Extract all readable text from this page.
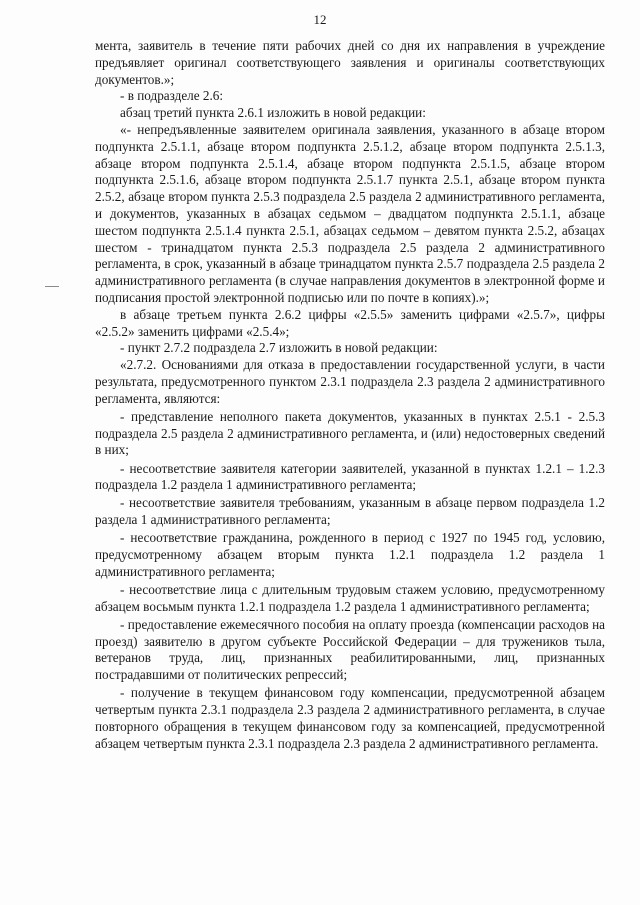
12

мента, заявитель в течение пяти рабочих дней со дня их направления в учреждение предъявляет оригинал соответствующего заявления и оригиналы соответствующих документов.»;

- в подразделе 2.6:

абзац третий пункта 2.6.1 изложить в новой редакции:

«- непредъявленные заявителем оригинала заявления, указанного в абзаце втором подпункта 2.5.1.1, абзаце втором подпункта 2.5.1.2, абзаце втором подпункта 2.5.1.3, абзаце втором подпункта 2.5.1.4, абзаце втором подпункта 2.5.1.5, абзаце втором подпункта 2.5.1.6, абзаце втором подпункта 2.5.1.7 пункта 2.5.1, абзаце втором пункта 2.5.2, абзаце втором пункта 2.5.3 подраздела 2.5 раздела 2 административного регламента, и документов, указанных в абзацах седьмом – двадцатом подпункта 2.5.1.1, абзаце шестом подпункта 2.5.1.4 пункта 2.5.1, абзацах седьмом – девятом пункта 2.5.2, абзацах шестом - тринадцатом пункта 2.5.3 подраздела 2.5 раздела 2 административного регламента, в срок, указанный в абзаце тринадцатом пункта 2.5.7 подраздела 2.5 раздела 2 административного регламента (в случае направления документов в электронной форме и подписания простой электронной подписью или по почте в копиях).»;

в абзаце третьем пункта 2.6.2 цифры «2.5.5» заменить цифрами «2.5.7», цифры «2.5.2» заменить цифрами «2.5.4»;

- пункт 2.7.2 подраздела 2.7 изложить в новой редакции:

«2.7.2. Основаниями для отказа в предоставлении государственной услуги, в части результата, предусмотренного пунктом 2.3.1 подраздела 2.3 раздела 2 административного регламента, являются:

- представление неполного пакета документов, указанных в пунктах 2.5.1 - 2.5.3 подраздела 2.5 раздела 2 административного регламента, и (или) недостоверных сведений в них;

- несоответствие заявителя категории заявителей, указанной в пунктах 1.2.1 – 1.2.3 подраздела 1.2 раздела 1 административного регламента;

- несоответствие заявителя требованиям, указанным в абзаце первом подраздела 1.2 раздела 1 административного регламента;

- несоответствие гражданина, рожденного в период с 1927 по 1945 год, условию, предусмотренному абзацем вторым пункта 1.2.1 подраздела 1.2 раздела 1 административного регламента;

- несоответствие лица с длительным трудовым стажем условию, предусмотренному абзацем восьмым пункта 1.2.1 подраздела 1.2 раздела 1 административного регламента;

- предоставление ежемесячного пособия на оплату проезда (компенсации расходов на проезд) заявителю в другом субъекте Российской Федерации – для тружеников тыла, ветеранов труда, лиц, признанных реабилитированными, лиц, признанных пострадавшими от политических репрессий;

- получение в текущем финансовом году компенсации, предусмотренной абзацем четвертым пункта 2.3.1 подраздела 2.3 раздела 2 административного регламента, в случае повторного обращения в текущем финансовом году за компенсацией, предусмотренной абзацем четвертым пункта 2.3.1 подраздела 2.3 раздела 2 административного регламента.
